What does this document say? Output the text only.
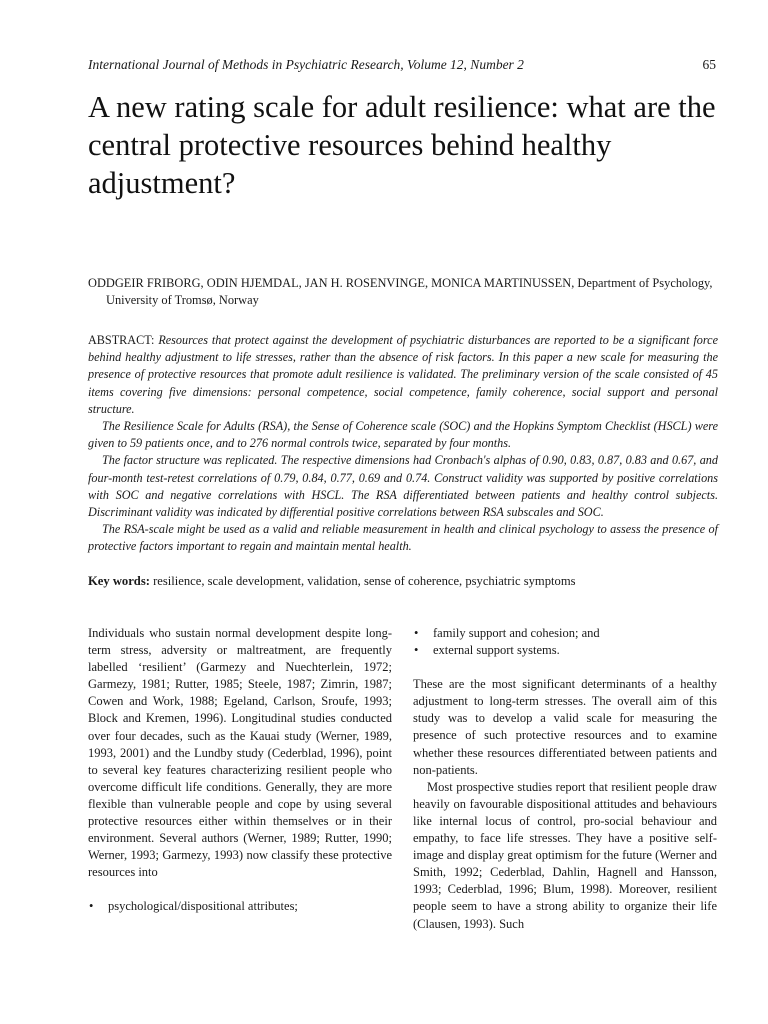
International Journal of Methods in Psychiatric Research, Volume 12, Number 2	65
A new rating scale for adult resilience: what are the central protective resources behind healthy adjustment?
ODDGEIR FRIBORG, ODIN HJEMDAL, JAN H. ROSENVINGE, MONICA MARTINUSSEN, Department of Psychology, University of Tromsø, Norway

ABSTRACT: Resources that protect against the development of psychiatric disturbances are reported to be a significant force behind healthy adjustment to life stresses, rather than the absence of risk factors. In this paper a new scale for measuring the presence of protective resources that promote adult resilience is validated. The preliminary version of the scale consisted of 45 items covering five dimensions: personal competence, social competence, family coherence, social support and personal structure.

The Resilience Scale for Adults (RSA), the Sense of Coherence scale (SOC) and the Hopkins Symptom Checklist (HSCL) were given to 59 patients once, and to 276 normal controls twice, separated by four months.

The factor structure was replicated. The respective dimensions had Cronbach's alphas of 0.90, 0.83, 0.87, 0.83 and 0.67, and four-month test-retest correlations of 0.79, 0.84, 0.77, 0.69 and 0.74. Construct validity was supported by positive correlations with SOC and negative correlations with HSCL. The RSA differentiated between patients and healthy control subjects. Discriminant validity was indicated by differential positive correlations between RSA subscales and SOC.

The RSA-scale might be used as a valid and reliable measurement in health and clinical psychology to assess the presence of protective factors important to regain and maintain mental health.

Key words: resilience, scale development, validation, sense of coherence, psychiatric symptoms

Individuals who sustain normal development despite long-term stress, adversity or maltreatment, are frequently labelled ‘resilient’ (Garmezy and Nuechterlein, 1972; Garmezy, 1981; Rutter, 1985; Steele, 1987; Zimrin, 1987; Cowen and Work, 1988; Egeland, Carlson, Sroufe, 1993; Block and Kremen, 1996). Longitudinal studies conducted over four decades, such as the Kauai study (Werner, 1989, 1993, 2001) and the Lundby study (Cederblad, 1996), point to several key features characterizing resilient people who overcome difficult life conditions. Generally, they are more flexible than vulnerable people and cope by using several protective resources either within themselves or in their environment. Several authors (Werner, 1989; Rutter, 1990; Werner, 1993; Garmezy, 1993) now classify these protective resources into

• psychological/dispositional attributes;
• family support and cohesion; and
• external support systems.

These are the most significant determinants of a healthy adjustment to long-term stresses. The overall aim of this study was to develop a valid scale for measuring the presence of such protective resources and to examine whether these resources differentiated between patients and non-patients.

Most prospective studies report that resilient people draw heavily on favourable dispositional attitudes and behaviours like internal locus of control, pro-social behaviour and empathy, to face life stresses. They have a positive self-image and display great optimism for the future (Werner and Smith, 1992; Cederblad, Dahlin, Hagnell and Hansson, 1993; Cederblad, 1996; Blum, 1998). Moreover, resilient people seem to have a strong ability to organize their life (Clausen, 1993). Such
